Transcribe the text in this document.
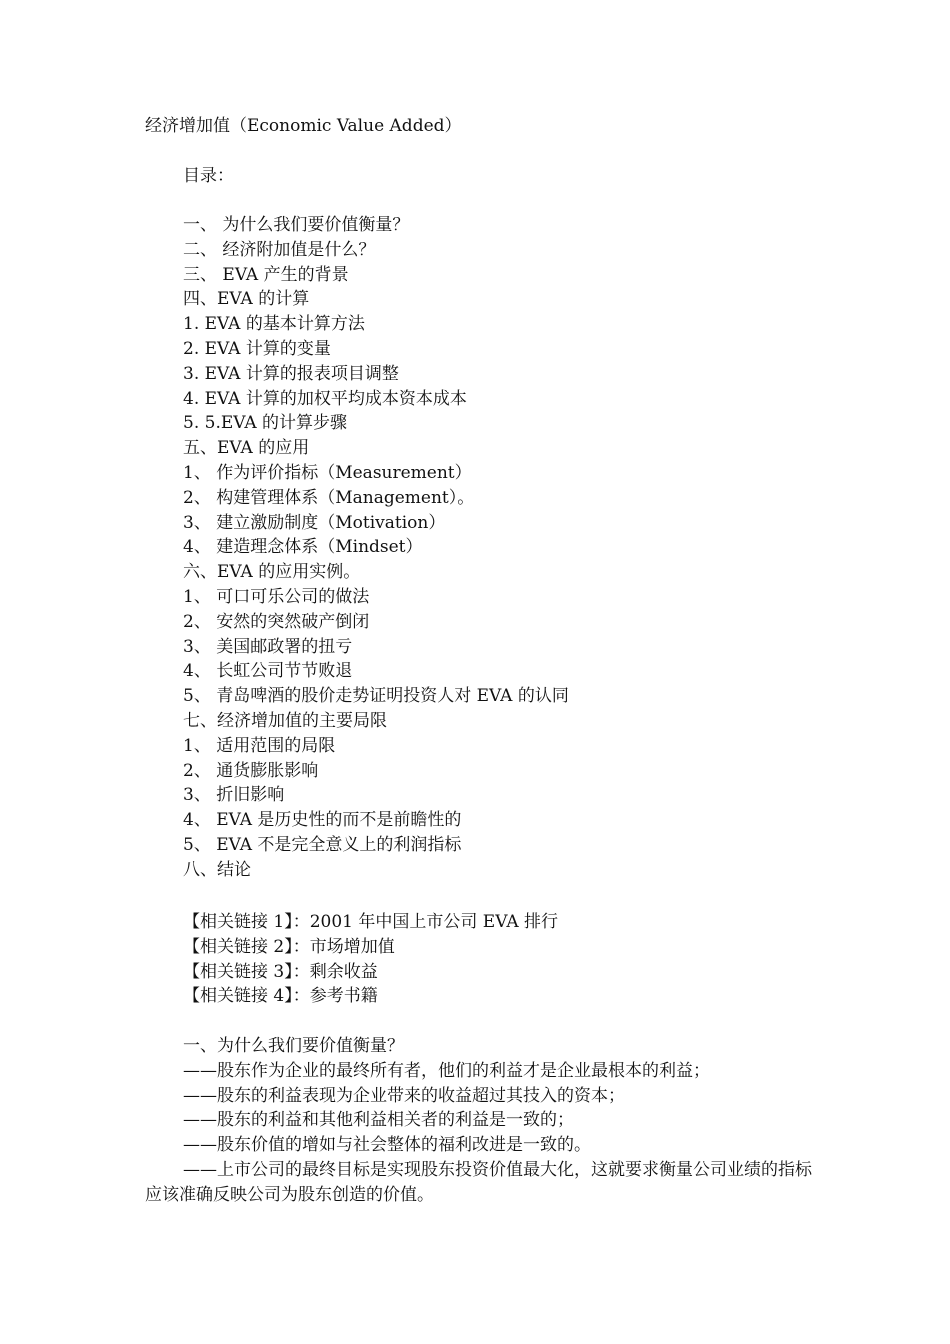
经济增加值（Economic Value Added）
目录：
一、 为什么我们要价值衡量？
二、 经济附加值是什么？
三、 EVA 产生的背景
四、EVA 的计算
1. EVA 的基本计算方法
2. EVA 计算的变量
3. EVA 计算的报表项目调整
4. EVA 计算的加权平均成本资本成本
5. 5.EVA 的计算步骤
五、EVA 的应用
1、 作为评价指标（Measurement）
2、 构建管理体系（Management）。
3、 建立激励制度（Motivation）
4、 建造理念体系（Mindset）
六、EVA 的应用实例。
1、 可口可乐公司的做法
2、 安然的突然破产倒闭
3、 美国邮政署的扭亏
4、 长虹公司节节败退
5、 青岛啤酒的股价走势证明投资人对 EVA 的认同
七、经济增加值的主要局限
1、 适用范围的局限
2、 通货膨胀影响
3、 折旧影响
4、 EVA 是历史性的而不是前瞻性的
5、 EVA 不是完全意义上的利润指标
八、结论
【相关链接 1】：2001 年中国上市公司 EVA 排行
【相关链接 2】：市场增加值
【相关链接 3】：剩余收益
【相关链接 4】：参考书籍
一、为什么我们要价值衡量？
——股东作为企业的最终所有者，他们的利益才是企业最根本的利益；
——股东的利益表现为企业带来的收益超过其技入的资本；
——股东的利益和其他利益相关者的利益是一致的；
——股东价值的增如与社会整体的福利改进是一致的。
——上市公司的最终目标是实现股东投资价值最大化，这就要求衡量公司业绩的指标应该准确反映公司为股东创造的价值。
